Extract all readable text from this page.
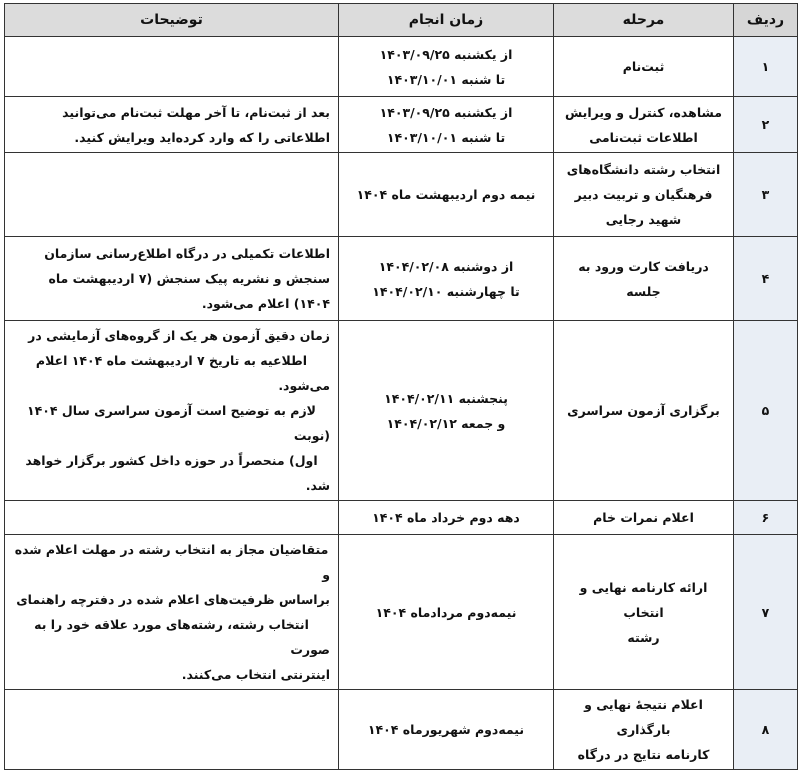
ردیف	مرحله	زمان انجام	توضیحات
۱	ثبت‌نام	از یکشنبه ۱۴۰۳/۰۹/۲۵
تا شنبه ۱۴۰۳/۱۰/۰۱	

۲	مشاهده، کنترل و ویرایش
اطلاعات ثبت‌نامی	از یکشنبه ۱۴۰۳/۰۹/۲۵
تا شنبه ۱۴۰۳/۱۰/۰۱	بعد از ثبت‌نام، تا آخر مهلت ثبت‌نام می‌توانید
اطلاعاتی را که وارد کرده‌اید ویرایش کنید.

۳	انتخاب رشته دانشگاه‌های
فرهنگیان و تربیت دبیر
شهید رجایی	نیمه دوم اردیبهشت ماه ۱۴۰۴	

۴	دریافت کارت ورود به جلسه	از دوشنبه ۱۴۰۴/۰۲/۰۸
تا چهارشنبه ۱۴۰۴/۰۲/۱۰	اطلاعات تکمیلی در درگاه اطلاع‌رسانی سازمان
سنجش و نشریه پیک سنجش (۷ اردیبهشت ماه
۱۴۰۴) اعلام می‌شود.

۵	برگزاری آزمون سراسری	پنجشنبه ۱۴۰۴/۰۲/۱۱
و جمعه ۱۴۰۴/۰۲/۱۲	زمان دقیق آزمون هر یک از گروه‌های آزمایشی در
اطلاعیه به تاریخ ۷ اردیبهشت ماه ۱۴۰۴ اعلام می‌شود.
لازم به توضیح است آزمون سراسری سال ۱۴۰۴ (نوبت
اول) منحصراً در حوزه داخل کشور برگزار خواهد شد.

۶	اعلام نمرات خام	دهه دوم خرداد ماه ۱۴۰۴	

۷	ارائه کارنامه نهایی و انتخاب
رشته	نیمه‌دوم مردادماه ۱۴۰۴	متقاضیان مجاز به انتخاب رشته در مهلت اعلام شده و
براساس ظرفیت‌های اعلام شده در دفترچه راهنمای
انتخاب رشته، رشته‌های مورد علاقه خود را به صورت
اینترنتی انتخاب می‌کنند.

۸	اعلام نتیجهٔ نهایی و بارگذاری
کارنامه نتایج در درگاه	نیمه‌دوم شهریورماه ۱۴۰۴	
